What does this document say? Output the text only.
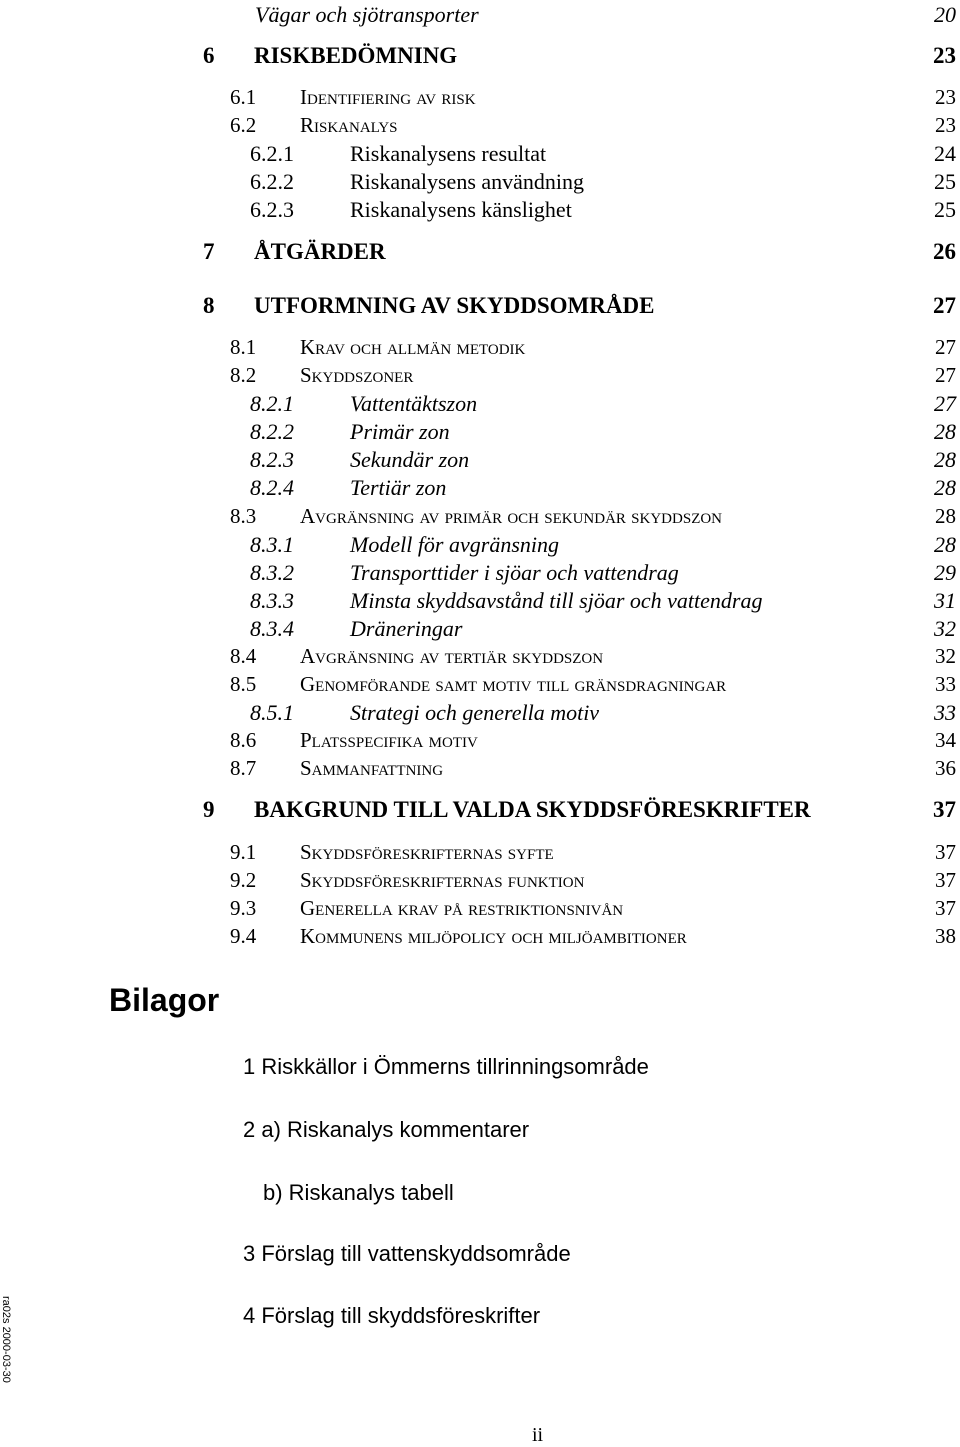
Vägar och sjötransporter	20
6 RISKBEDÖMNING	23
6.1 Identifiering av risk	23
6.2 Riskanalys	23
6.2.1	Riskanalysens resultat	24
6.2.2	Riskanalysens användning	25
6.2.3	Riskanalysens känslighet	25
7 ÅTGÄRDER	26
8 UTFORMNING AV SKYDDSOMRÅDE	27
8.1 Krav och allmän metodik	27
8.2 Skyddszoner	27
8.2.1	Vattentäktszon	27
8.2.2	Primär zon	28
8.2.3	Sekundär zon	28
8.2.4	Tertiär zon	28
8.3 Avgränsning av primär och sekundär skyddszon	28
8.3.1	Modell för avgränsning	28
8.3.2	Transporttider i sjöar och vattendrag	29
8.3.3	Minsta skyddsavstånd till sjöar och vattendrag	31
8.3.4	Dräneringar	32
8.4 Avgränsning av tertiär skyddszon	32
8.5 Genomförande samt motiv till gränsdragningar	33
8.5.1	Strategi och generella motiv	33
8.6 Platsspecifika motiv	34
8.7 Sammanfattning	36
9 BAKGRUND TILL VALDA SKYDDSFÖRESKRIFTER	37
9.1 Skyddsföreskrifternas syfte	37
9.2 Skyddsföreskrifternas funktion	37
9.3 Generella krav på restriktionsnivån	37
9.4 Kommunens miljöpolicy och miljöambitioner	38
Bilagor
1 Riskkällor i Ömmerns tillrinningsområde
2 a) Riskanalys kommentarer
b) Riskanalys tabell
3 Förslag till vattenskyddsområde
4 Förslag till skyddsföreskrifter
ra02s 2000-03-30
ii
